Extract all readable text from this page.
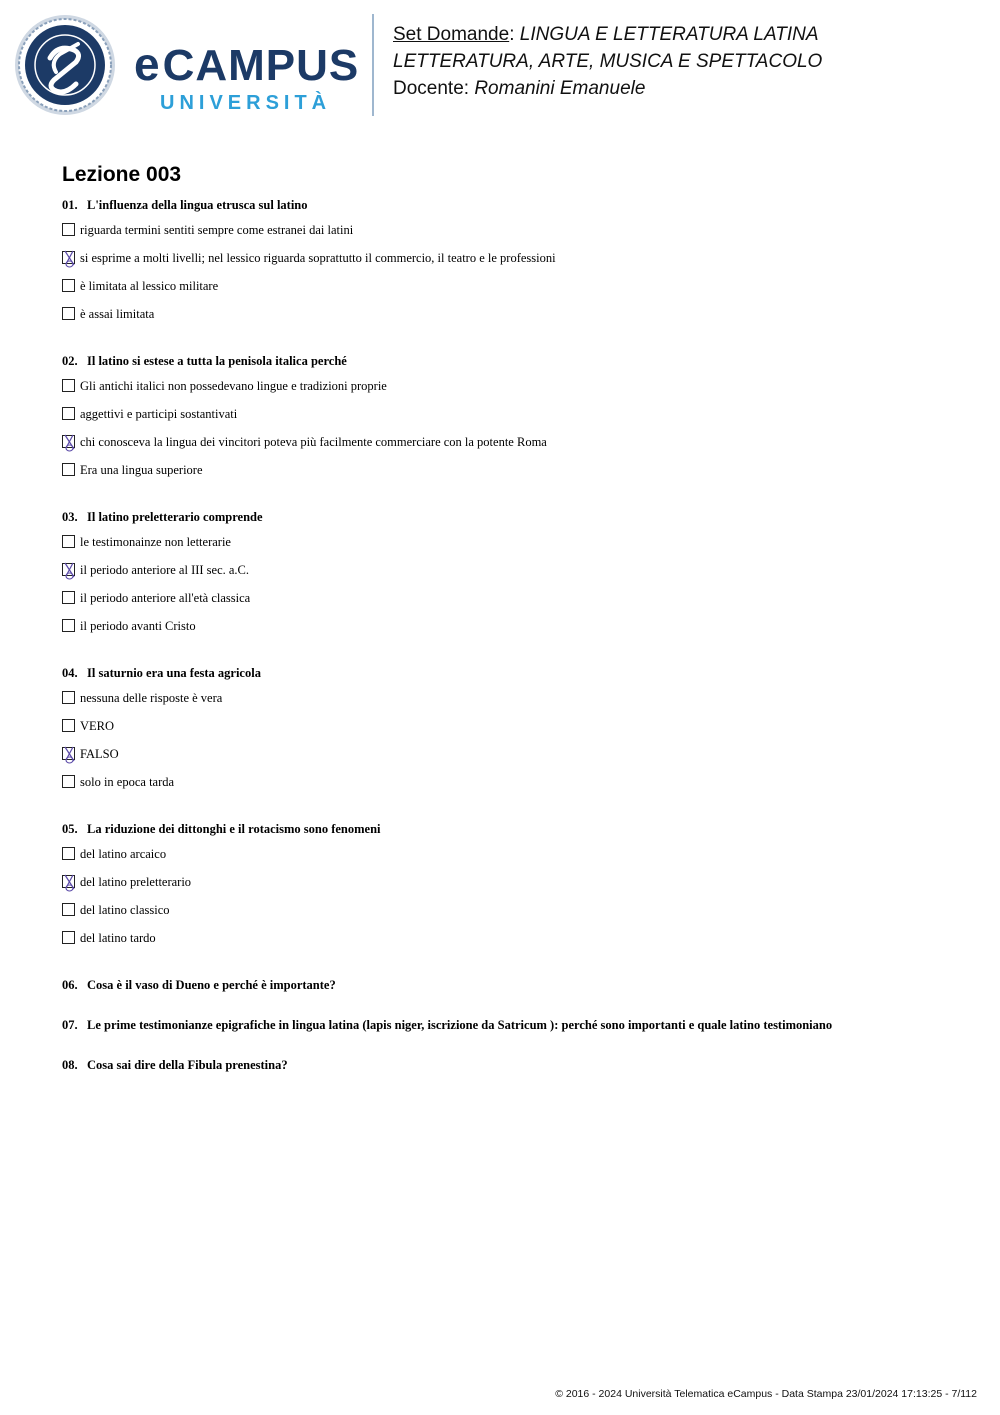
eCAMPUS

UNIVERSITÀ

Set Domande: LINGUA E LETTERATURA LATINA
LETTERATURA, ARTE, MUSICA E SPETTACOLO
Docente: Romanini Emanuele
Lezione 003
01. L'influenza della lingua etrusca sul latino
riguarda termini sentiti sempre come estranei dai latini
si esprime a molti livelli; nel lessico riguarda soprattutto il commercio, il teatro e le professioni
è limitata al lessico militare
è assai limitata
02. Il latino si estese a tutta la penisola italica perché
Gli antichi italici non possedevano lingue e tradizioni proprie
aggettivi e participi sostantivati
chi conosceva la lingua dei vincitori poteva più facilmente commerciare con la potente Roma
Era una lingua superiore
03. Il latino preletterario comprende
le testimonainze non letterarie
il periodo anteriore al III sec. a.C.
il periodo anteriore all'età classica
il periodo avanti Cristo
04. Il saturnio era una festa agricola
nessuna delle risposte è vera
VERO
FALSO
solo in epoca tarda
05. La riduzione dei dittonghi e il rotacismo sono fenomeni
del latino arcaico
del latino preletterario
del latino classico
del latino tardo
06. Cosa è il vaso di Dueno e perché è importante?
07. Le prime testimonianze epigrafiche in lingua latina (lapis niger, iscrizione da Satricum ): perché sono importanti e quale latino testimoniano
08. Cosa sai dire della Fibula prenestina?
© 2016 - 2024 Università Telematica eCampus - Data Stampa 23/01/2024 17:13:25 - 7/112
